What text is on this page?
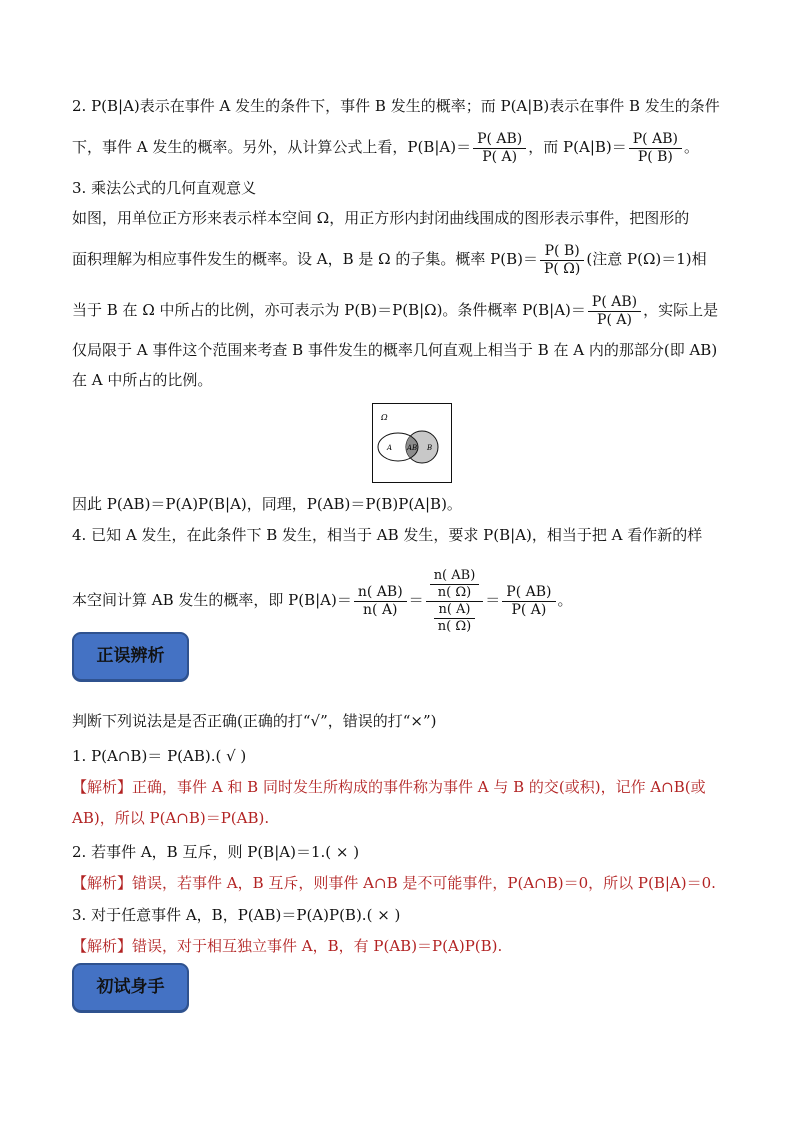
2. P(B|A)表示在事件 A 发生的条件下，事件 B 发生的概率；而 P(A|B)表示在事件 B 发生的条件
下，事件 A 发生的概率。另外，从计算公式上看，$P(B|A)= \frac{P( AB)}{P( A)}$ ，而 $P(A|B)= \frac{P( AB)}{P( B)}$ 。
3. 乘法公式的几何直观意义
如图，用单位正方形来表示样本空间 Ω，用正方形内封闭曲线围成的图形表示事件，把图形的
面积理解为相应事件发生的概率。设 A，B 是 Ω 的子集。概率 $P(B)= \frac{P( B)}{P( \Omega)}$ (注意 P(Ω)＝1)相
当于 B 在 Ω 中所占的比例，亦可表示为 P(B)＝P(B|Ω)。条件概率 $P(B|A)= \frac{P( AB)}{P( A)}$ ，实际上是
仅局限于 A 事件这个范围来考查 B 事件发生的概率几何直观上相当于 B 在 A 内的那部分(即 AB)
在 A 中所占的比例。
Ω
A AB B
因此 P(AB)＝P(A)P(B|A)，同理，P(AB)＝P(B)P(A|B)。
4. 已知 A 发生，在此条件下 B 发生，相当于 AB 发生，要求 P(B|A)，相当于把 A 看作新的样
本空间计算 AB 发生的概率，即 $P(B|A)= \frac{n( AB)}{n( A)} = \frac{\frac{n( AB)}{n( \Omega)}}{\frac{n( A)}{n( \Omega)}} = \frac{P( AB)}{P( A)}$ 。
正误辨析
判断下列说法是是否正确(正确的打“√”，错误的打“×”)
1. P(A∩B)＝ P(AB).( √ )
【解析】正确，事件 A 和 B 同时发生所构成的事件称为事件 A 与 B 的交(或积)，记作 A∩B(或
AB)，所以 P(A∩B)＝P(AB).
2. 若事件 A，B 互斥，则 P(B|A)＝1.( × )
【解析】错误，若事件 A，B 互斥，则事件 A∩B 是不可能事件，P(A∩B)＝0，所以 P(B|A)＝0.
3. 对于任意事件 A，B，P(AB)＝P(A)P(B).( × )
【解析】错误，对于相互独立事件 A，B，有 P(AB)＝P(A)P(B).
初试身手
